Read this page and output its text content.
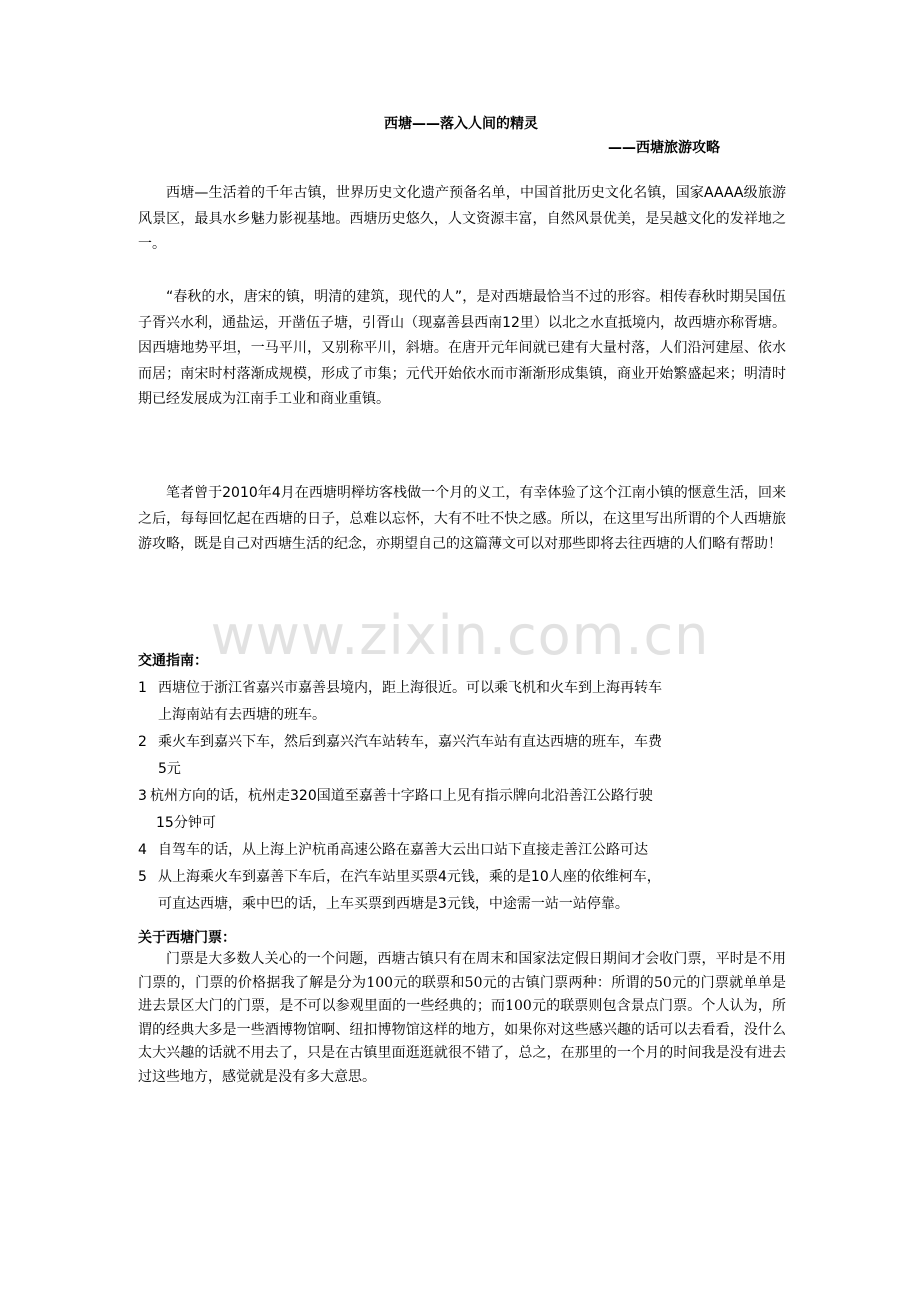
西塘——落入人间的精灵
——西塘旅游攻略

西塘—生活着的千年古镇，世界历史文化遗产预备名单，中国首批历史文化名镇，国家AAAA级旅游风景区，最具水乡魅力影视基地。西塘历史悠久，人文资源丰富，自然风景优美，是吴越文化的发祥地之一。

“春秋的水，唐宋的镇，明清的建筑，现代的人”，是对西塘最恰当不过的形容。相传春秋时期吴国伍子胥兴水利，通盐运，开凿伍子塘，引胥山（现嘉善县西南12里）以北之水直抵境内，故西塘亦称胥塘。因西塘地势平坦，一马平川，又别称平川，斜塘。在唐开元年间就已建有大量村落，人们沿河建屋、依水而居；南宋时村落渐成规模，形成了市集；元代开始依水而市渐渐形成集镇，商业开始繁盛起来；明清时期已经发展成为江南手工业和商业重镇。

笔者曾于2010年4月在西塘明榉坊客栈做一个月的义工，有幸体验了这个江南小镇的惬意生活，回来之后，每每回忆起在西塘的日子，总难以忘怀，大有不吐不快之感。所以，在这里写出所谓的个人西塘旅游攻略，既是自己对西塘生活的纪念，亦期望自己的这篇薄文可以对那些即将去往西塘的人们略有帮助！

www.zixin.com.cn
交通指南：
1 西塘位于浙江省嘉兴市嘉善县境内，距上海很近。可以乘飞机和火车到上海再转车
上海南站有去西塘的班车。
2 乘火车到嘉兴下车，然后到嘉兴汽车站转车，嘉兴汽车站有直达西塘的班车，车费
5元
3 杭州方向的话，杭州走320国道至嘉善十字路口上见有指示牌向北沿善江公路行驶
15分钟可
4 自驾车的话，从上海上沪杭甬高速公路在嘉善大云出口站下直接走善江公路可达
5 从上海乘火车到嘉善下车后，在汽车站里买票4元钱，乘的是10人座的依维柯车，
可直达西塘，乘中巴的话，上车买票到西塘是3元钱，中途需一站一站停靠。
关于西塘门票：

门票是大多数人关心的一个问题，西塘古镇只有在周末和国家法定假日期间才会收门票，平时是不用门票的，门票的价格据我了解是分为100元的联票和50元的古镇门票两种：所谓的50元的门票就单单是进去景区大门的门票，是不可以参观里面的一些经典的；而100元的联票则包含景点门票。个人认为，所谓的经典大多是一些酒博物馆啊、纽扣博物馆这样的地方，如果你对这些感兴趣的话可以去看看，没什么太大兴趣的话就不用去了，只是在古镇里面逛逛就很不错了，总之，在那里的一个月的时间我是没有进去过这些地方，感觉就是没有多大意思。
